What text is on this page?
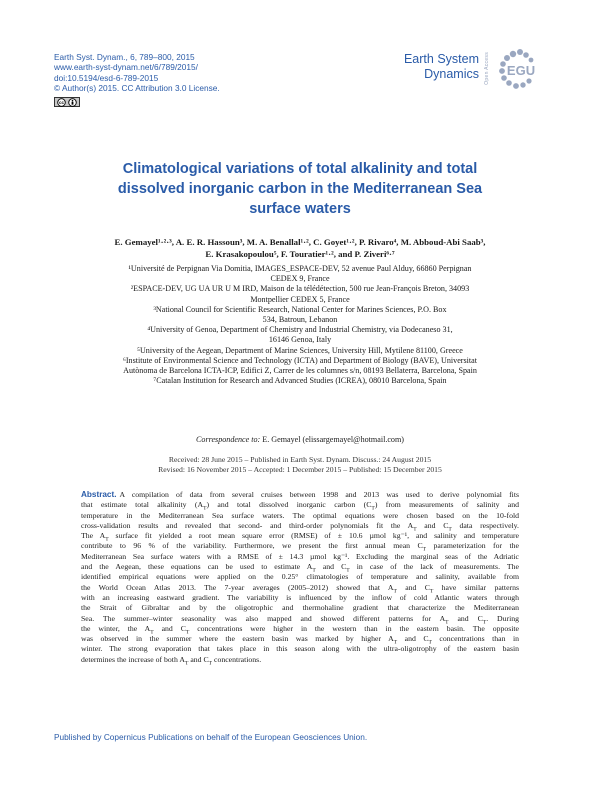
Earth Syst. Dynam., 6, 789–800, 2015
www.earth-syst-dynam.net/6/789/2015/
doi:10.5194/esd-6-789-2015
© Author(s) 2015. CC Attribution 3.0 License.
cc
Earth System
Dynamics Open Access EGU
Climatological variations of total alkalinity and total
dissolved inorganic carbon in the Mediterranean Sea
surface waters
E. Gemayel¹·²·³, A. E. R. Hassoun³, M. A. Benallal¹·², C. Goyet¹·², P. Rivaro⁴, M. Abboud-Abi Saab³,
E. Krasakopoulou⁵, F. Touratier¹·², and P. Ziveri⁶·⁷
¹Université de Perpignan Via Domitia, IMAGES_ESPACE-DEV, 52 avenue Paul Alduy, 66860 Perpignan
CEDEX 9, France
²ESPACE-DEV, UG UA UR U M IRD, Maison de la télédétection, 500 rue Jean-François Breton, 34093
Montpellier CEDEX 5, France
³National Council for Scientific Research, National Center for Marines Sciences, P.O. Box
534, Batroun, Lebanon
⁴University of Genoa, Department of Chemistry and Industrial Chemistry, via Dodecaneso 31,
16146 Genoa, Italy
⁵University of the Aegean, Department of Marine Sciences, University Hill, Mytilene 81100, Greece
⁶Institute of Environmental Science and Technology (ICTA) and Department of Biology (BAVE), Universitat
Autònoma de Barcelona ICTA-ICP, Edifici Z, Carrer de les columnes s/n, 08193 Bellaterra, Barcelona, Spain
⁷Catalan Institution for Research and Advanced Studies (ICREA), 08010 Barcelona, Spain
Correspondence to: E. Gemayel (elissargemayel@hotmail.com)
Received: 28 June 2015 – Published in Earth Syst. Dynam. Discuss.: 24 August 2015
Revised: 16 November 2015 – Accepted: 1 December 2015 – Published: 15 December 2015
Abstract. A compilation of data from several cruises between 1998 and 2013 was used to derive polynomial fits
that estimate total alkalinity $(A_T)$ and total dissolved inorganic carbon $(C_T)$ from measurements of salinity and
temperature in the Mediterranean Sea surface waters. The optimal equations were chosen based on the 10-fold
cross-validation results and revealed that second- and third-order polynomials fit the $A_T$ and $C_T$ data respectively.
The $A_T$ surface fit yielded a root mean square error (RMSE) of ± 10.6 µmol kg⁻¹, and salinity and temperature
contribute to 96 % of the variability. Furthermore, we present the first annual mean $C_T$ parameterization for the
Mediterranean Sea surface waters with a RMSE of ± 14.3 µmol kg⁻¹. Excluding the marginal seas of the Adriatic
and the Aegean, these equations can be used to estimate $A_T$ and $C_T$ in case of the lack of measurements. The
identified empirical equations were applied on the 0.25° climatologies of temperature and salinity, available from
the World Ocean Atlas 2013. The 7-year averages (2005–2012) showed that $A_T$ and $C_T$ have similar patterns
with an increasing eastward gradient. The variability is influenced by the inflow of cold Atlantic waters through
the Strait of Gibraltar and by the oligotrophic and thermohaline gradient that characterize the Mediterranean
Sea. The summer–winter seasonality was also mapped and showed different patterns for $A_T$ and $C_T$. During
the winter, the $A_T$ and $C_T$ concentrations were higher in the western than in the eastern basin. The opposite
was observed in the summer where the eastern basin was marked by higher $A_T$ and $C_T$ concentrations than in
winter. The strong evaporation that takes place in this season along with the ultra-oligotrophy of the eastern basin
determines the increase of both $A_T$ and $C_T$ concentrations.
Published by Copernicus Publications on behalf of the European Geosciences Union.
